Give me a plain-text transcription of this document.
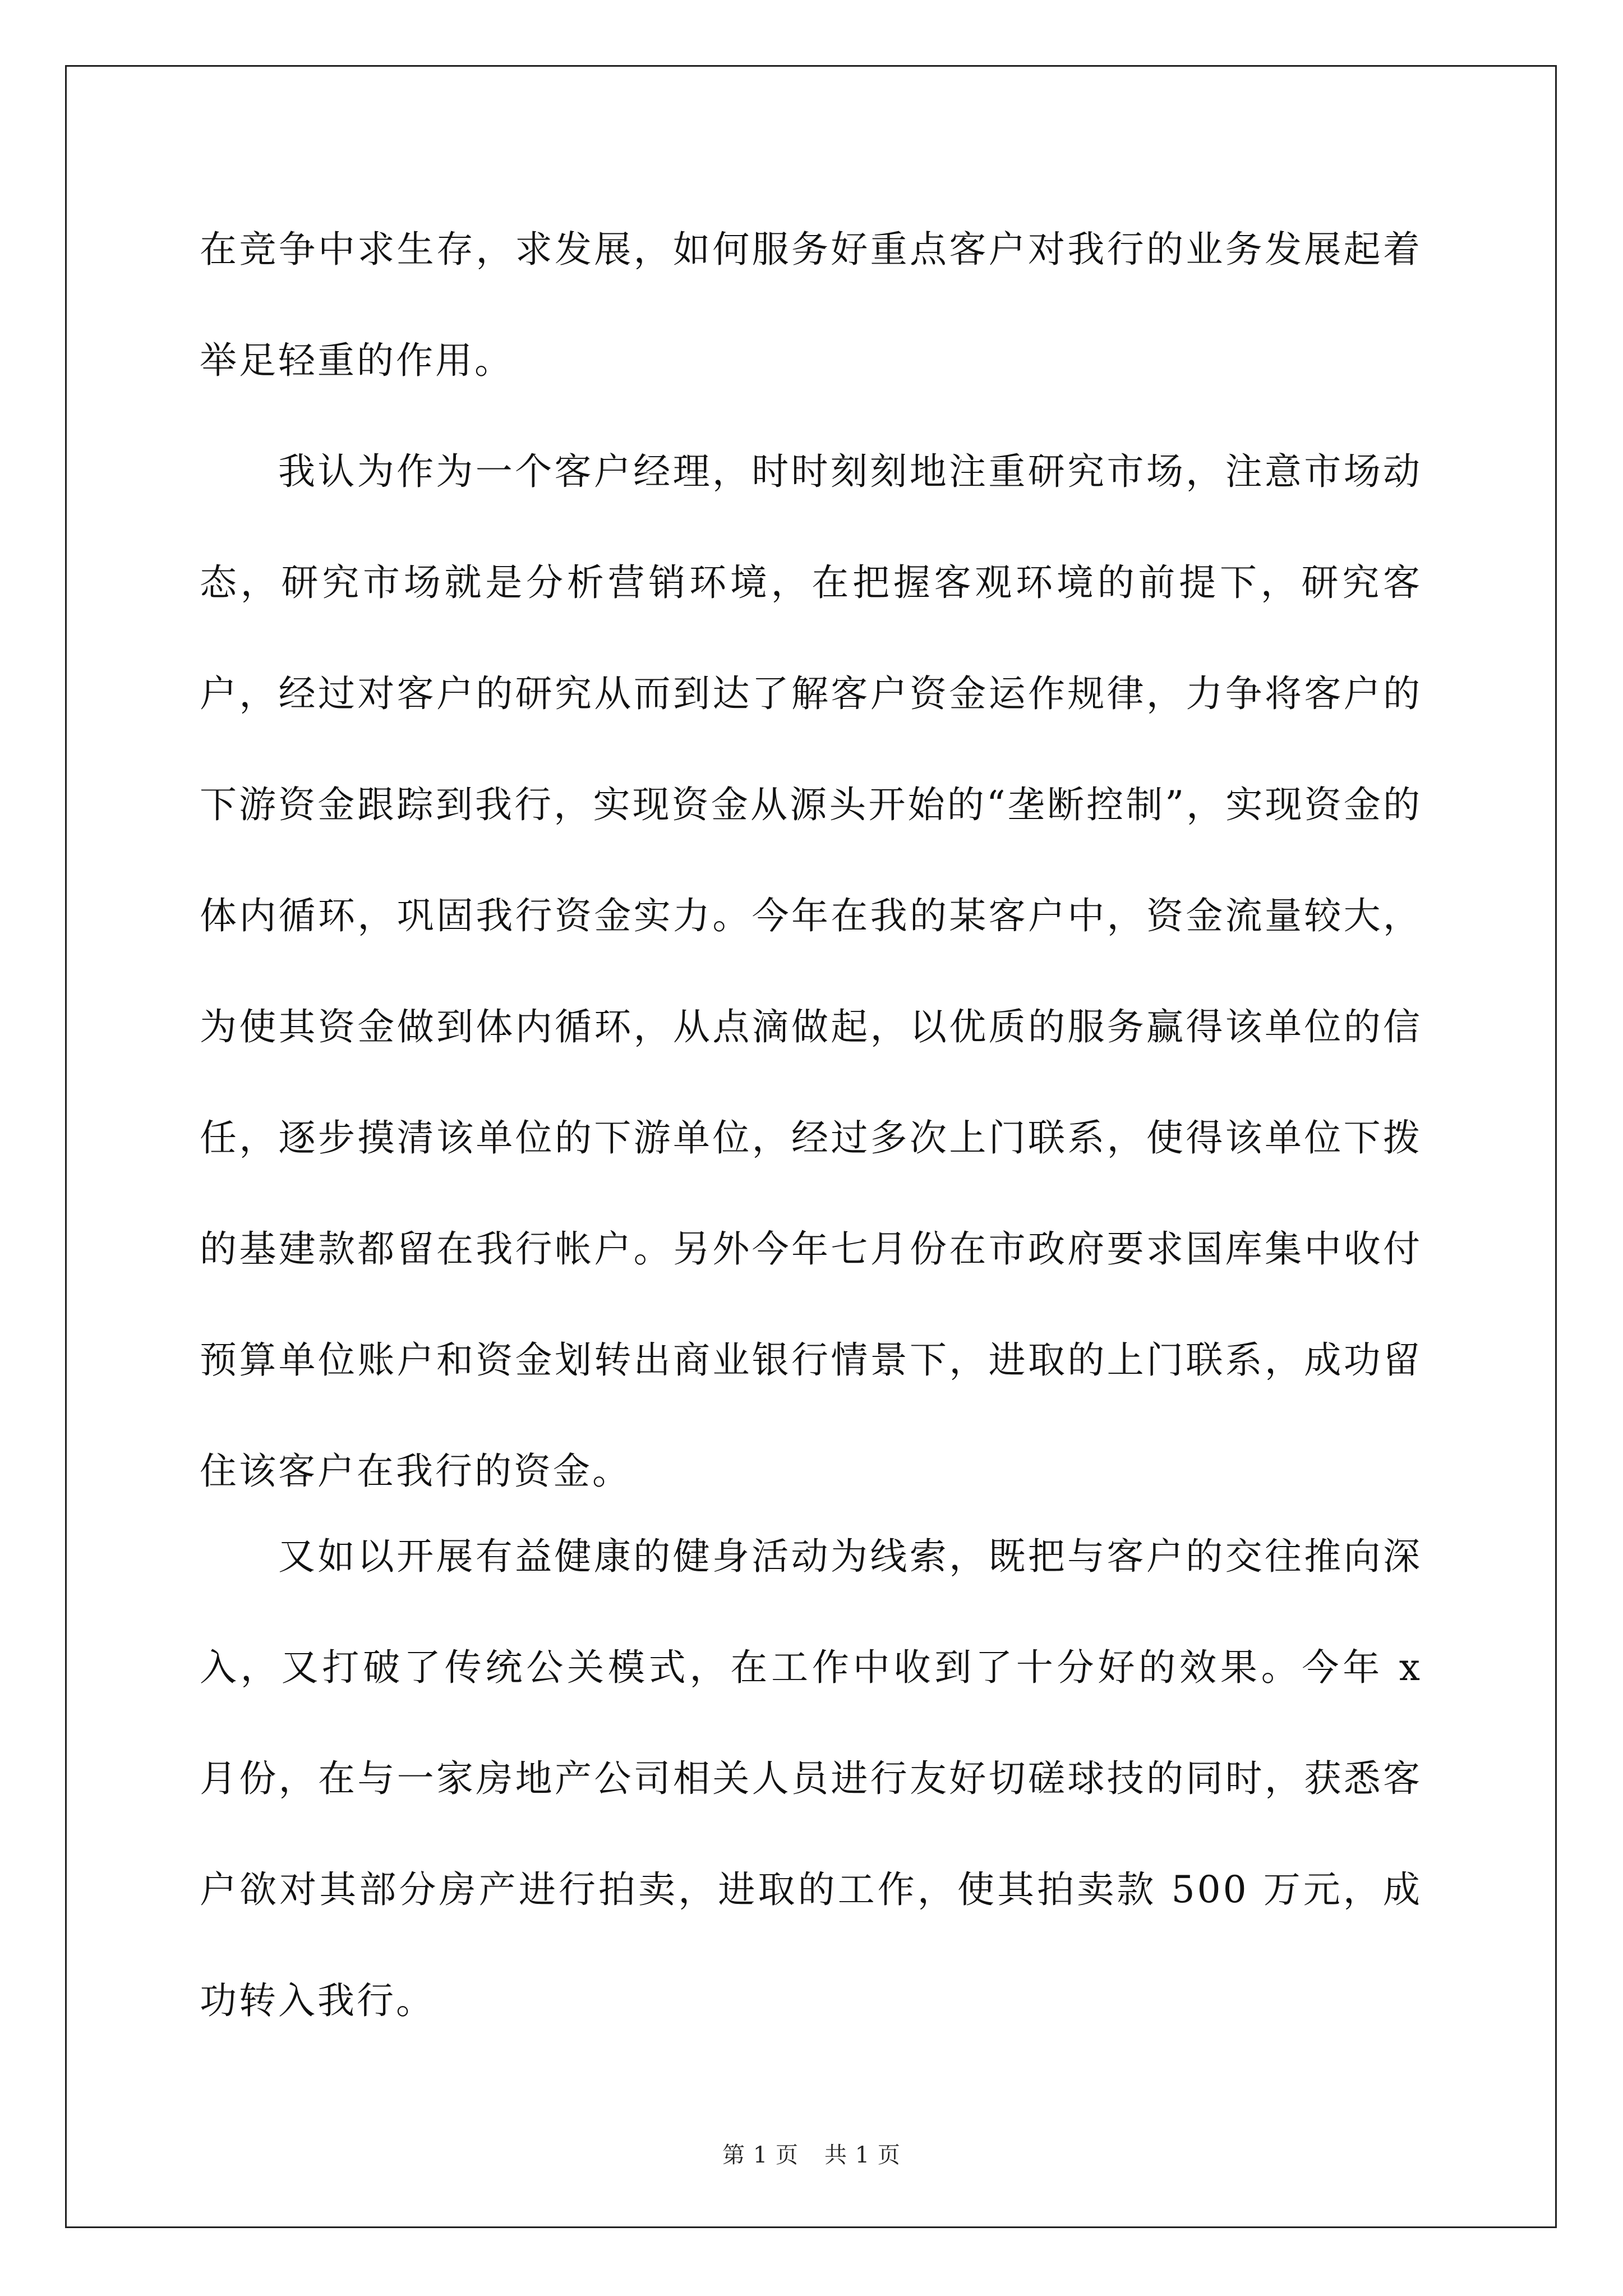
在竞争中求生存，求发展，如何服务好重点客户对我行的业务发展起着举足轻重的作用。

我认为作为一个客户经理，时时刻刻地注重研究市场，注意市场动态，研究市场就是分析营销环境，在把握客观环境的前提下，研究客户，经过对客户的研究从而到达了解客户资金运作规律，力争将客户的下游资金跟踪到我行，实现资金从源头开始的“垄断控制”，实现资金的体内循环，巩固我行资金实力。今年在我的某客户中，资金流量较大，为使其资金做到体内循环，从点滴做起，以优质的服务赢得该单位的信任，逐步摸清该单位的下游单位，经过多次上门联系，使得该单位下拨的基建款都留在我行帐户。另外今年七月份在市政府要求国库集中收付预算单位账户和资金划转出商业银行情景下，进取的上门联系，成功留住该客户在我行的资金。

又如以开展有益健康的健身活动为线索，既把与客户的交往推向深入，又打破了传统公关模式，在工作中收到了十分好的效果。今年 x 月份，在与一家房地产公司相关人员进行友好切磋球技的同时，获悉客户欲对其部分房产进行拍卖，进取的工作，使其拍卖款 500 万元，成功转入我行。

第 1 页 共 1 页
